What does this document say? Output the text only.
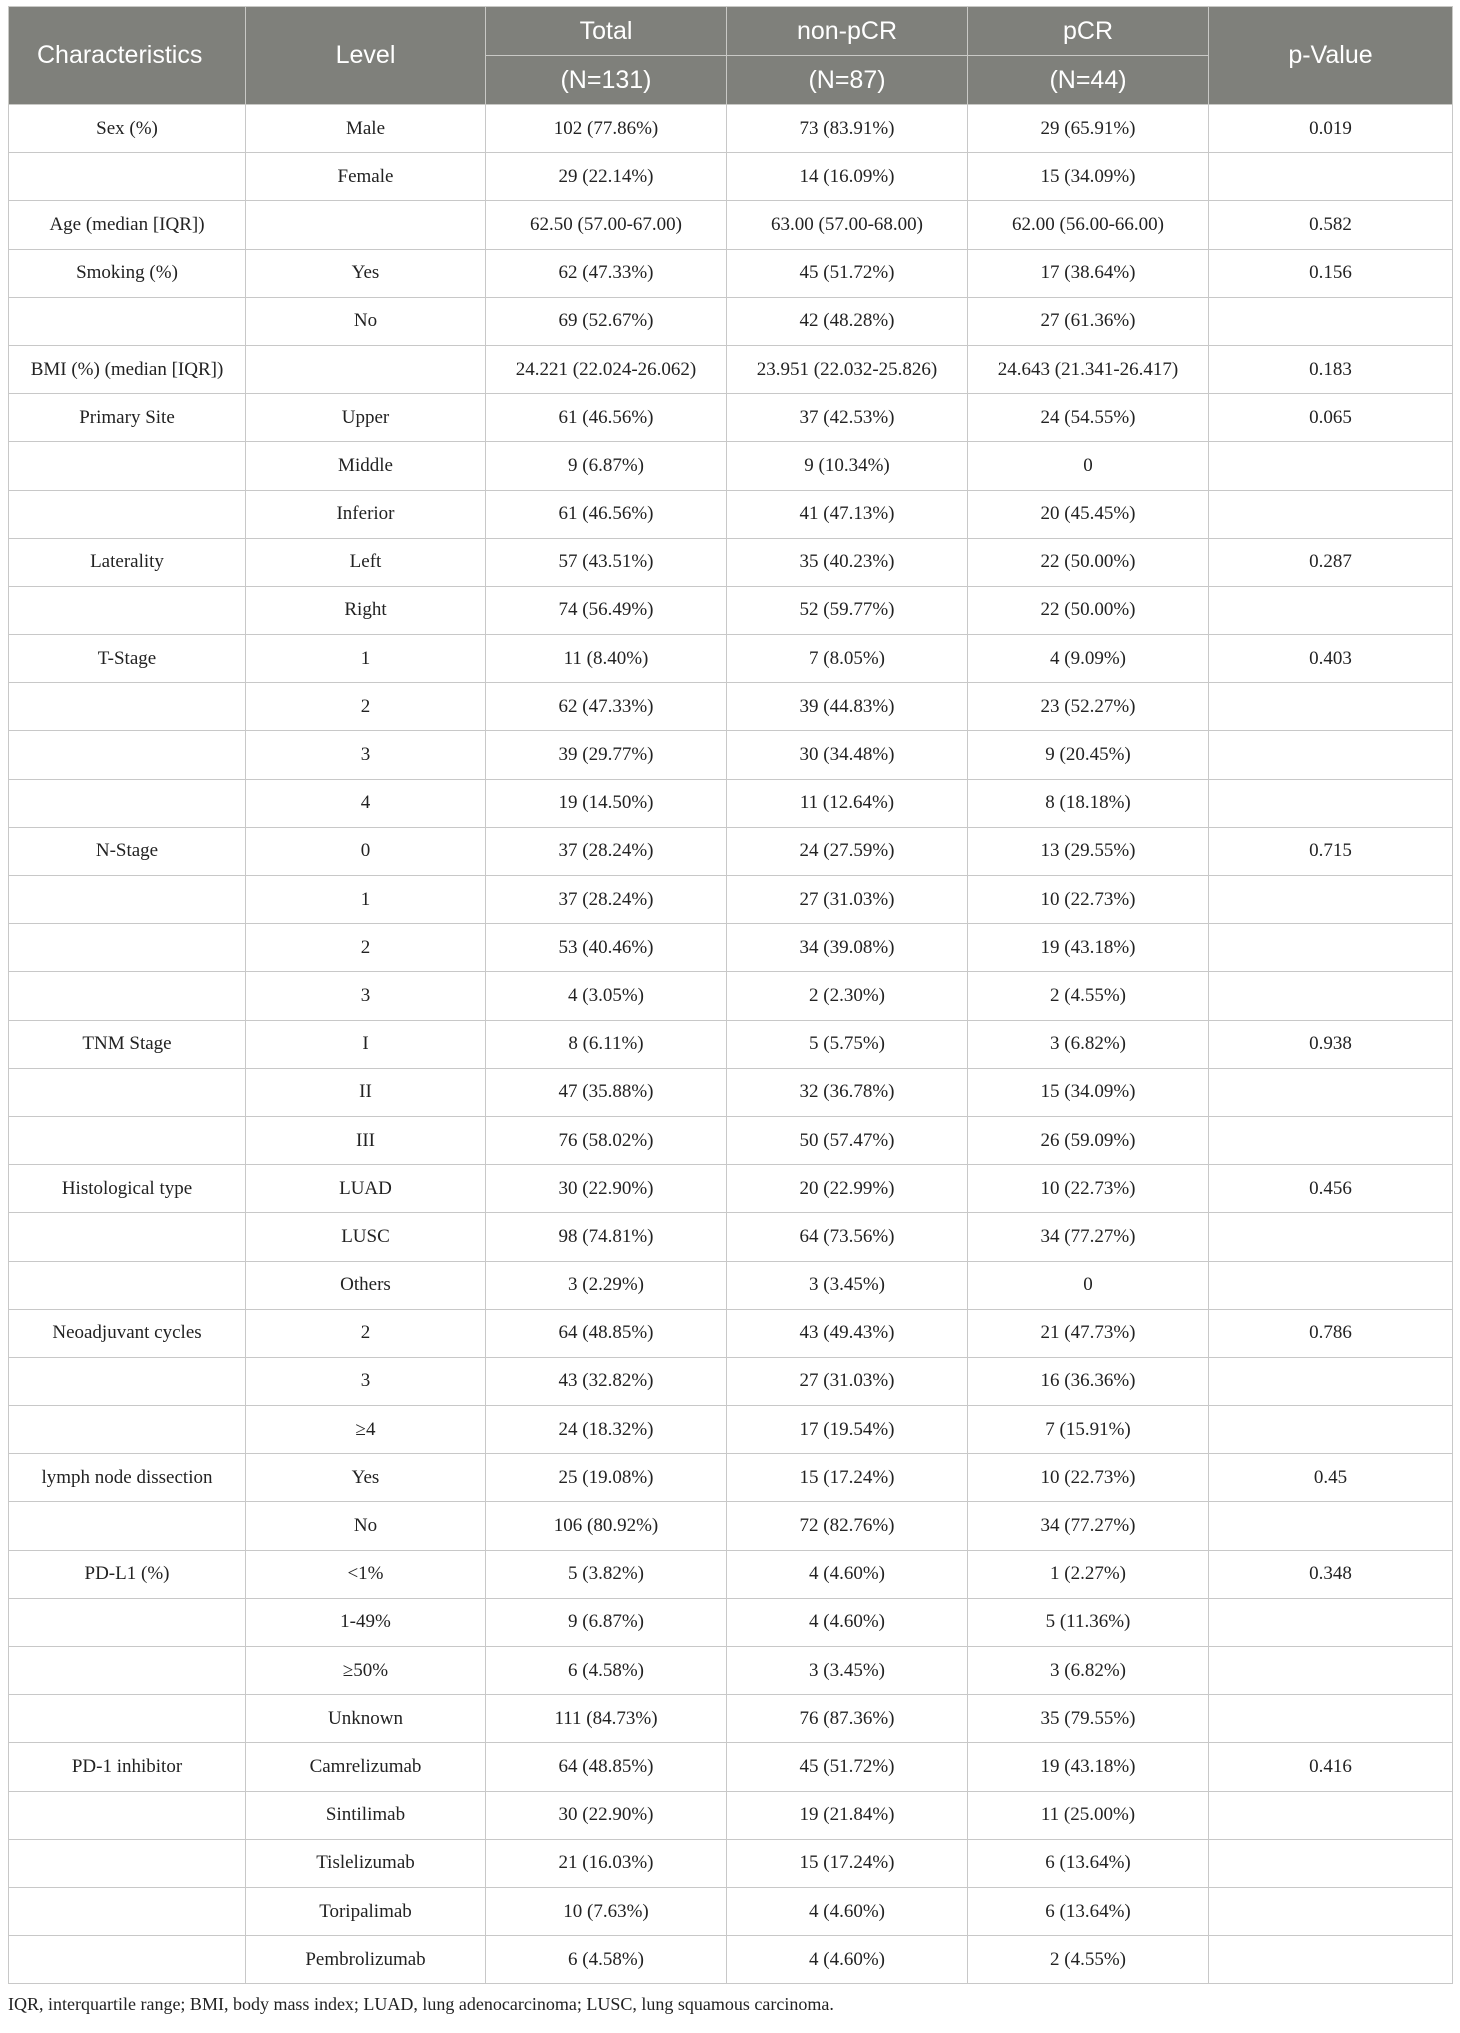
Characteristics	Level	Total	non-pCR	pCR	p-Value
		(N=131)	(N=87)	(N=44)	
Sex (%)	Male	102 (77.86%)	73 (83.91%)	29 (65.91%)	0.019
	Female	29 (22.14%)	14 (16.09%)	15 (34.09%)	
Age (median [IQR])		62.50 (57.00-67.00)	63.00 (57.00-68.00)	62.00 (56.00-66.00)	0.582
Smoking (%)	Yes	62 (47.33%)	45 (51.72%)	17 (38.64%)	0.156
	No	69 (52.67%)	42 (48.28%)	27 (61.36%)	
BMI (%) (median [IQR])		24.221 (22.024-26.062)	23.951 (22.032-25.826)	24.643 (21.341-26.417)	0.183
Primary Site	Upper	61 (46.56%)	37 (42.53%)	24 (54.55%)	0.065
	Middle	9 (6.87%)	9 (10.34%)	0	
	Inferior	61 (46.56%)	41 (47.13%)	20 (45.45%)	
Laterality	Left	57 (43.51%)	35 (40.23%)	22 (50.00%)	0.287
	Right	74 (56.49%)	52 (59.77%)	22 (50.00%)	
T-Stage	1	11 (8.40%)	7 (8.05%)	4 (9.09%)	0.403
	2	62 (47.33%)	39 (44.83%)	23 (52.27%)	
	3	39 (29.77%)	30 (34.48%)	9 (20.45%)	
	4	19 (14.50%)	11 (12.64%)	8 (18.18%)	
N-Stage	0	37 (28.24%)	24 (27.59%)	13 (29.55%)	0.715
	1	37 (28.24%)	27 (31.03%)	10 (22.73%)	
	2	53 (40.46%)	34 (39.08%)	19 (43.18%)	
	3	4 (3.05%)	2 (2.30%)	2 (4.55%)	
TNM Stage	I	8 (6.11%)	5 (5.75%)	3 (6.82%)	0.938
	II	47 (35.88%)	32 (36.78%)	15 (34.09%)	
	III	76 (58.02%)	50 (57.47%)	26 (59.09%)	
Histological type	LUAD	30 (22.90%)	20 (22.99%)	10 (22.73%)	0.456
	LUSC	98 (74.81%)	64 (73.56%)	34 (77.27%)	
	Others	3 (2.29%)	3 (3.45%)	0	
Neoadjuvant cycles	2	64 (48.85%)	43 (49.43%)	21 (47.73%)	0.786
	3	43 (32.82%)	27 (31.03%)	16 (36.36%)	
	≥4	24 (18.32%)	17 (19.54%)	7 (15.91%)	
lymph node dissection	Yes	25 (19.08%)	15 (17.24%)	10 (22.73%)	0.45
	No	106 (80.92%)	72 (82.76%)	34 (77.27%)	
PD-L1 (%)	<1%	5 (3.82%)	4 (4.60%)	1 (2.27%)	0.348
	1-49%	9 (6.87%)	4 (4.60%)	5 (11.36%)	
	≥50%	6 (4.58%)	3 (3.45%)	3 (6.82%)	
	Unknown	111 (84.73%)	76 (87.36%)	35 (79.55%)	
PD-1 inhibitor	Camrelizumab	64 (48.85%)	45 (51.72%)	19 (43.18%)	0.416
	Sintilimab	30 (22.90%)	19 (21.84%)	11 (25.00%)	
	Tislelizumab	21 (16.03%)	15 (17.24%)	6 (13.64%)	
	Toripalimab	10 (7.63%)	4 (4.60%)	6 (13.64%)	
	Pembrolizumab	6 (4.58%)	4 (4.60%)	2 (4.55%)	
IQR, interquartile range; BMI, body mass index; LUAD, lung adenocarcinoma; LUSC, lung squamous carcinoma.
